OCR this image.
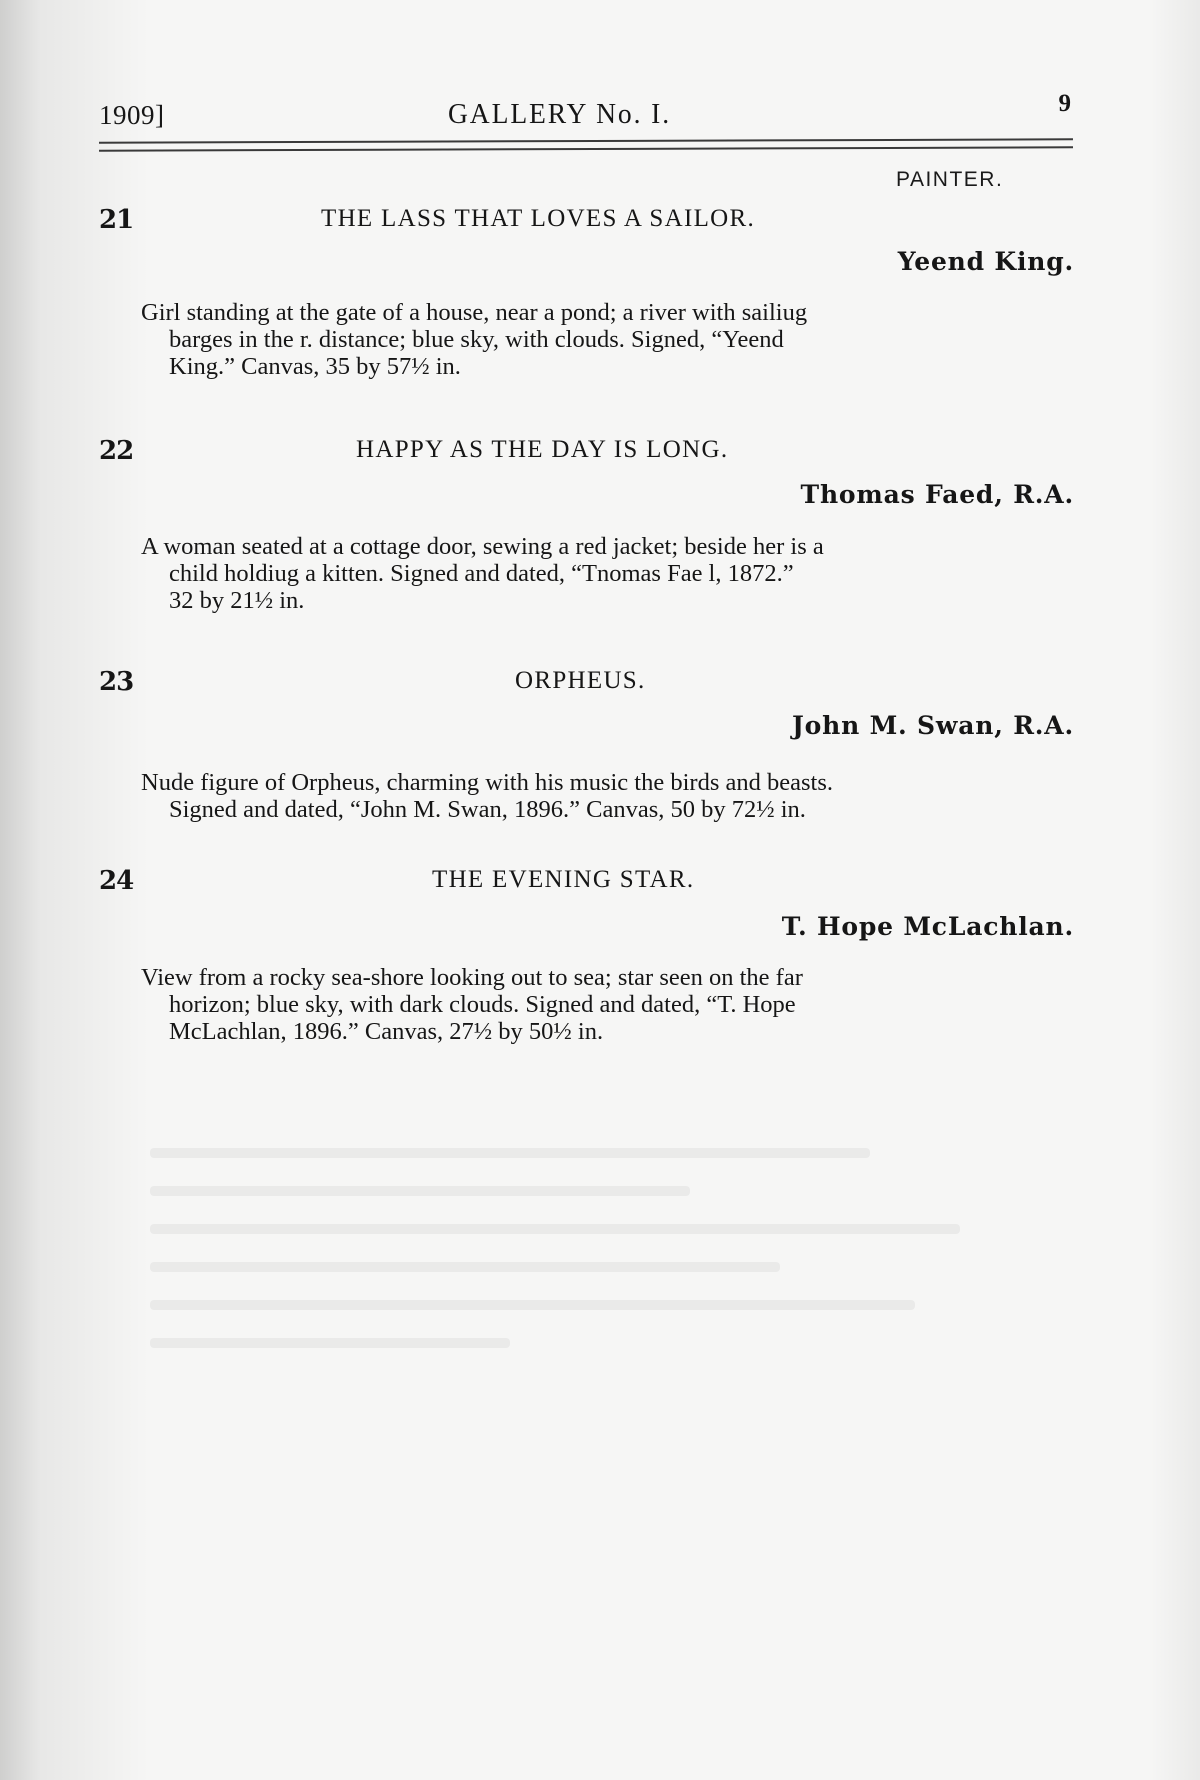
1909]	GALLERY No. I.	9
PAINTER.
21	THE LASS THAT LOVES A SAILOR.
Yeend King.
Girl standing at the gate of a house, near a pond; a river with sailiug
barges in the r. distance; blue sky, with clouds. Signed, “Yeend
King.” Canvas, 35 by 57½ in.
22	HAPPY AS THE DAY IS LONG.
Thomas Faed, R.A.
A woman seated at a cottage door, sewing a red jacket; beside her is a
child holdiug a kitten. Signed and dated, “Tnomas Fae l, 1872.”
32 by 21½ in.
23	ORPHEUS.
John M. Swan, R.A.
Nude figure of Orpheus, charming with his music the birds and beasts.
Signed and dated, “John M. Swan, 1896.” Canvas, 50 by 72½ in.
24	THE EVENING STAR.
T. Hope McLachlan.
View from a rocky sea-shore looking out to sea; star seen on the far
horizon; blue sky, with dark clouds. Signed and dated, “T. Hope
McLachlan, 1896.” Canvas, 27½ by 50½ in.
